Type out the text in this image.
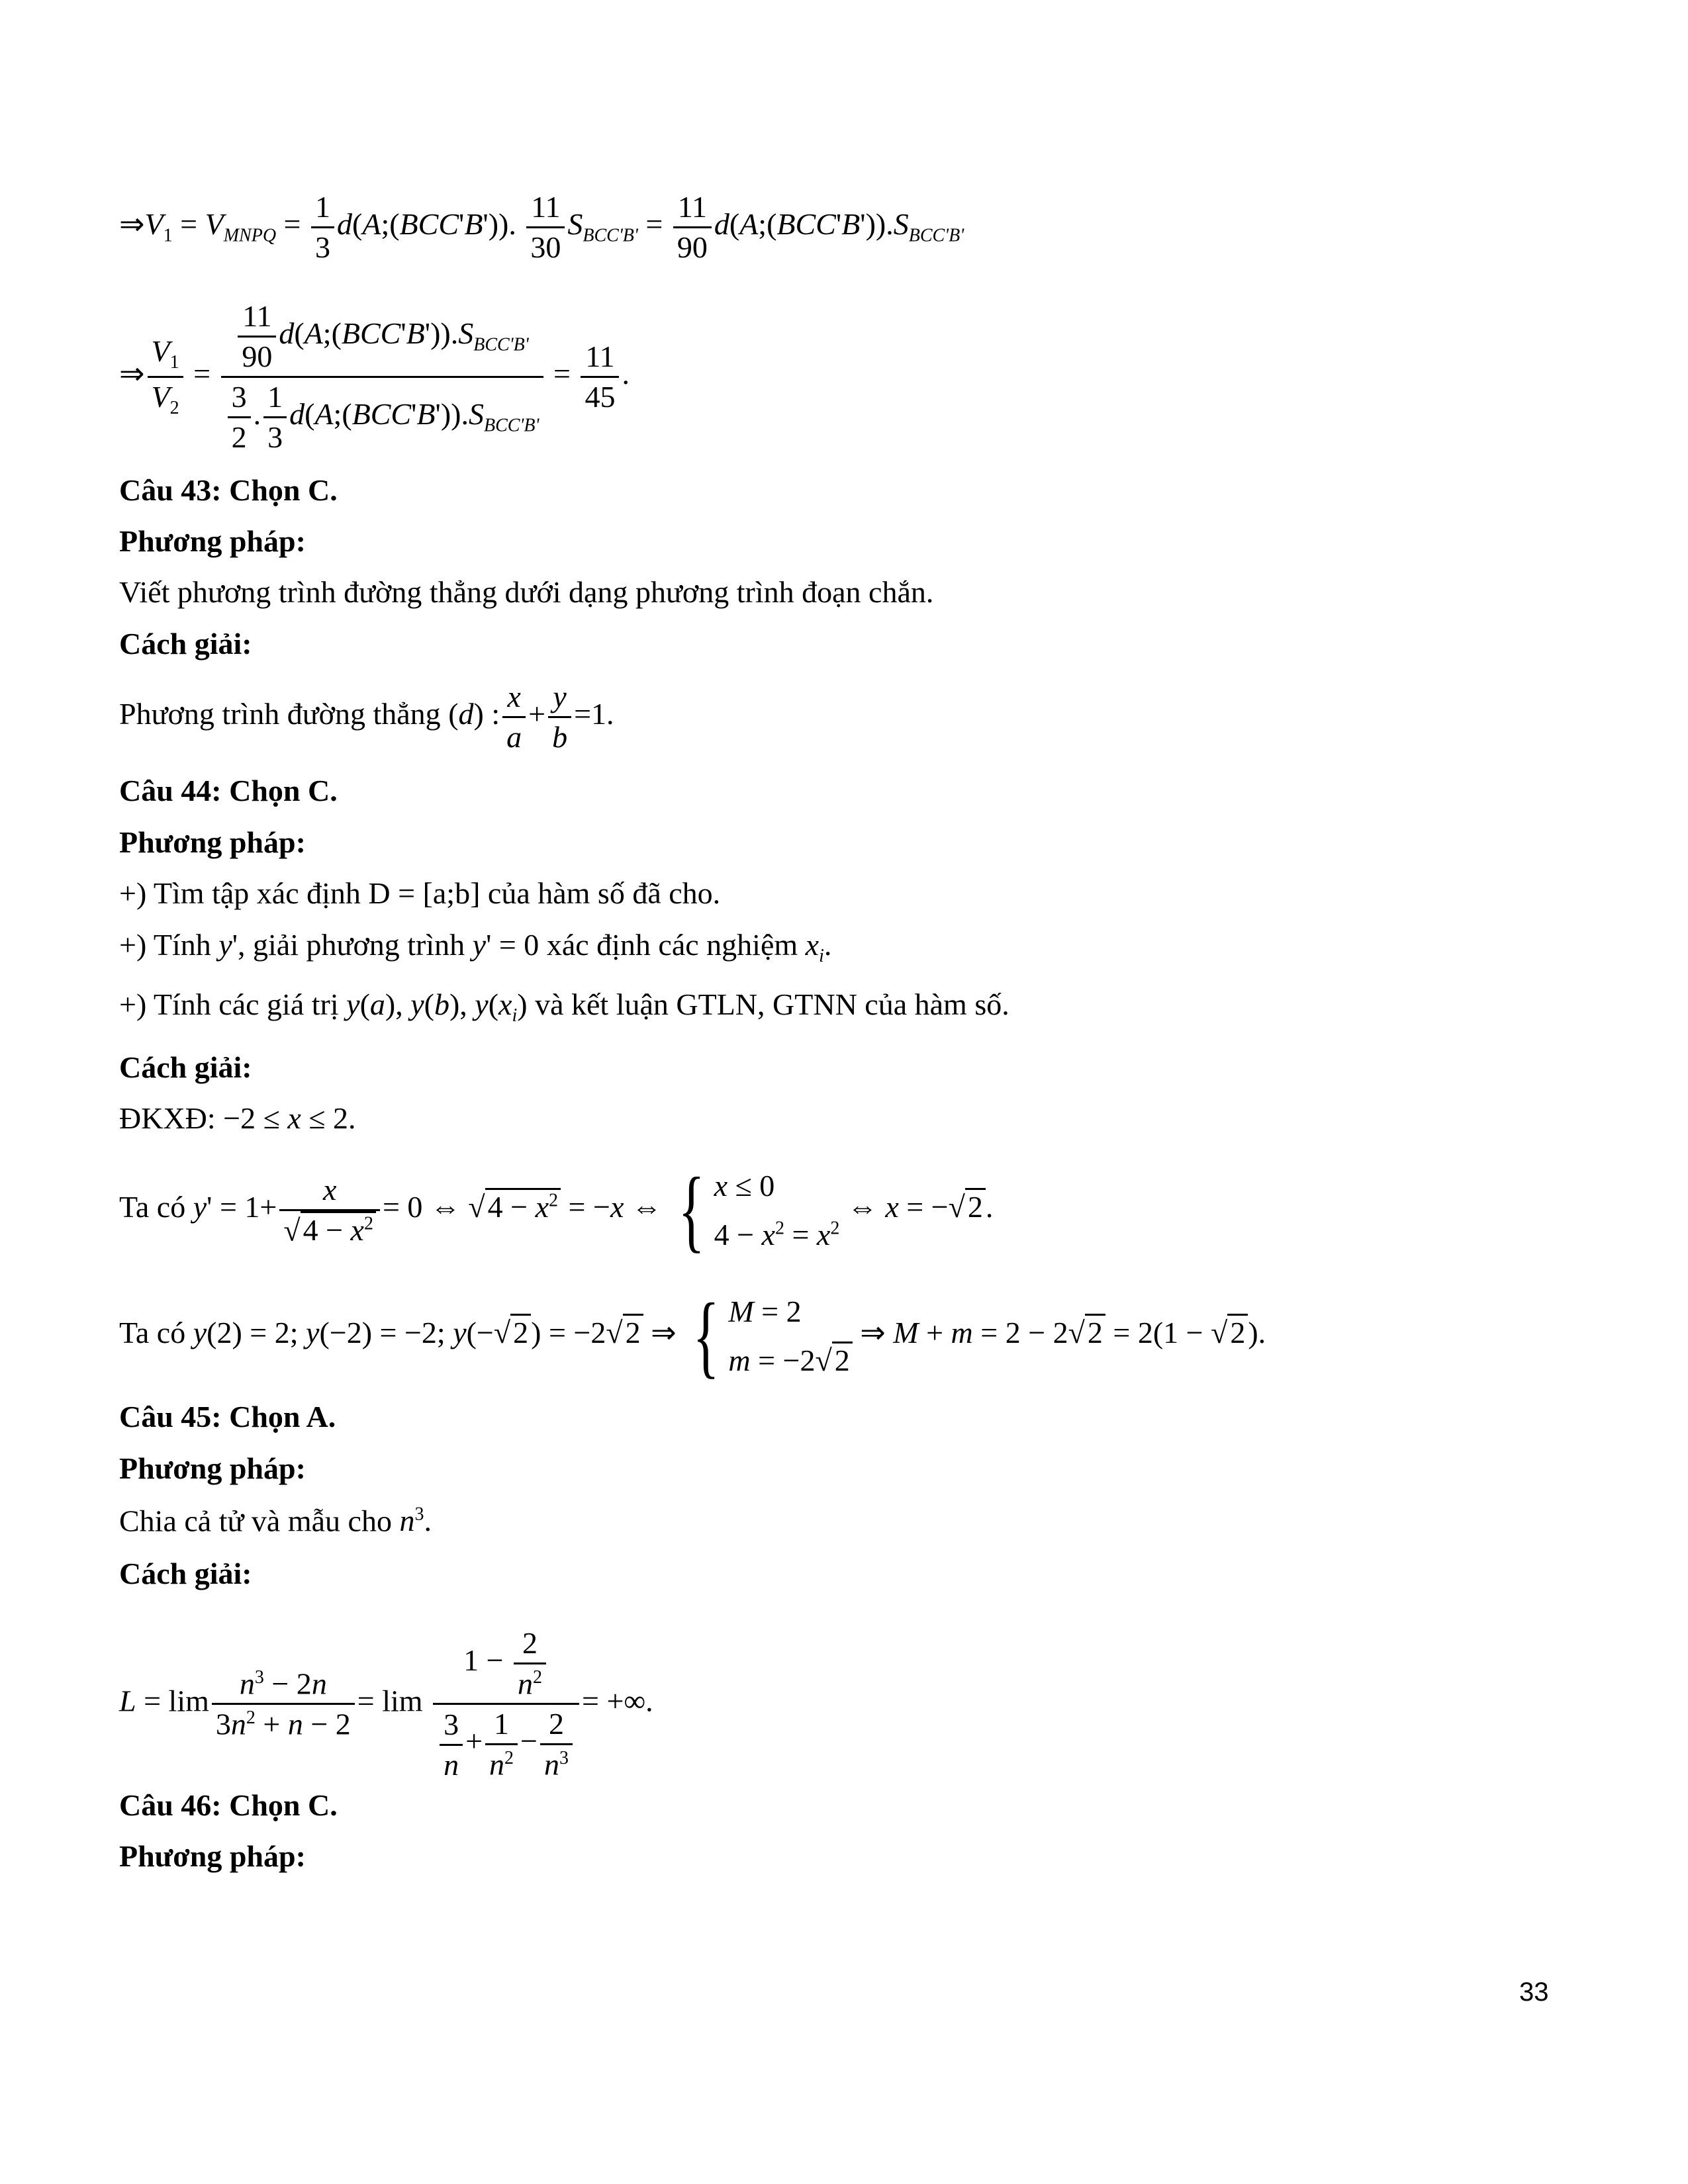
$\Rightarrow V_1 = V_{MNPQ} = \frac{1}{3}$ d(A;(BCC'B')). $\frac{11}{30} S_{BCC'B'} = \frac{11}{90}$ $d(A;(BCC'B')).S_{BCC'B'}$
⇒ $\frac{V_1}{V_2} = \frac{\frac{11}{90} d(A;(BCC'B')).S_{BCC'B'}}{\frac{3}{2} . \frac{1}{3} d(A;(BCC'B')).S_{BCC'B'}} = \frac{11}{45}$ .
Câu 43: Chọn C.
Phương pháp:
Viết phương trình đường thẳng dưới dạng phương trình đoạn chắn.
Cách giải:
Phương trình đường thẳng (d) : $\frac{x}{a} + \frac{y}{b} =1$.
Câu 44: Chọn C.
Phương pháp:
+) Tìm tập xác định D = [a;b] của hàm số đã cho.
+) Tính y', giải phương trình y' = 0 xác định các nghiệm $x_i$.
+) Tính các giá trị y(a), y(b), $y(x_i)$ và kết luận GTLN, GTNN của hàm số.
Cách giải:
ĐKXĐ: −2 ≤ x ≤ 2.
Ta có $y' = 1+ \frac{x}{√4 - x^2} = 0$ ⇔ $√4 - x^2 = -x$ ⇔ { x ≤ 0
$4 - x^2 = x^2$
⇔ x = −√2.
Ta có y(2) = 2; y(−2) = −2; y(−√2) = −2√2 ⇒ { M = 2
m = −2√2
⇒ M + m = 2 − 2√2 = 2(1 − √2).
Câu 45: Chọn A.
Phương pháp:
Chia cả tử và mẫu cho $n^3$.
Cách giải:
$L = \lim \frac{n^3 - 2n}{3n^2 + n - 2} = \lim \frac{1 - \frac{2}{n^2}}{\frac{3}{n} + \frac{1}{n^2} - \frac{2}{n^3}}$ = +∞.
Câu 46: Chọn C.
Phương pháp:
33
